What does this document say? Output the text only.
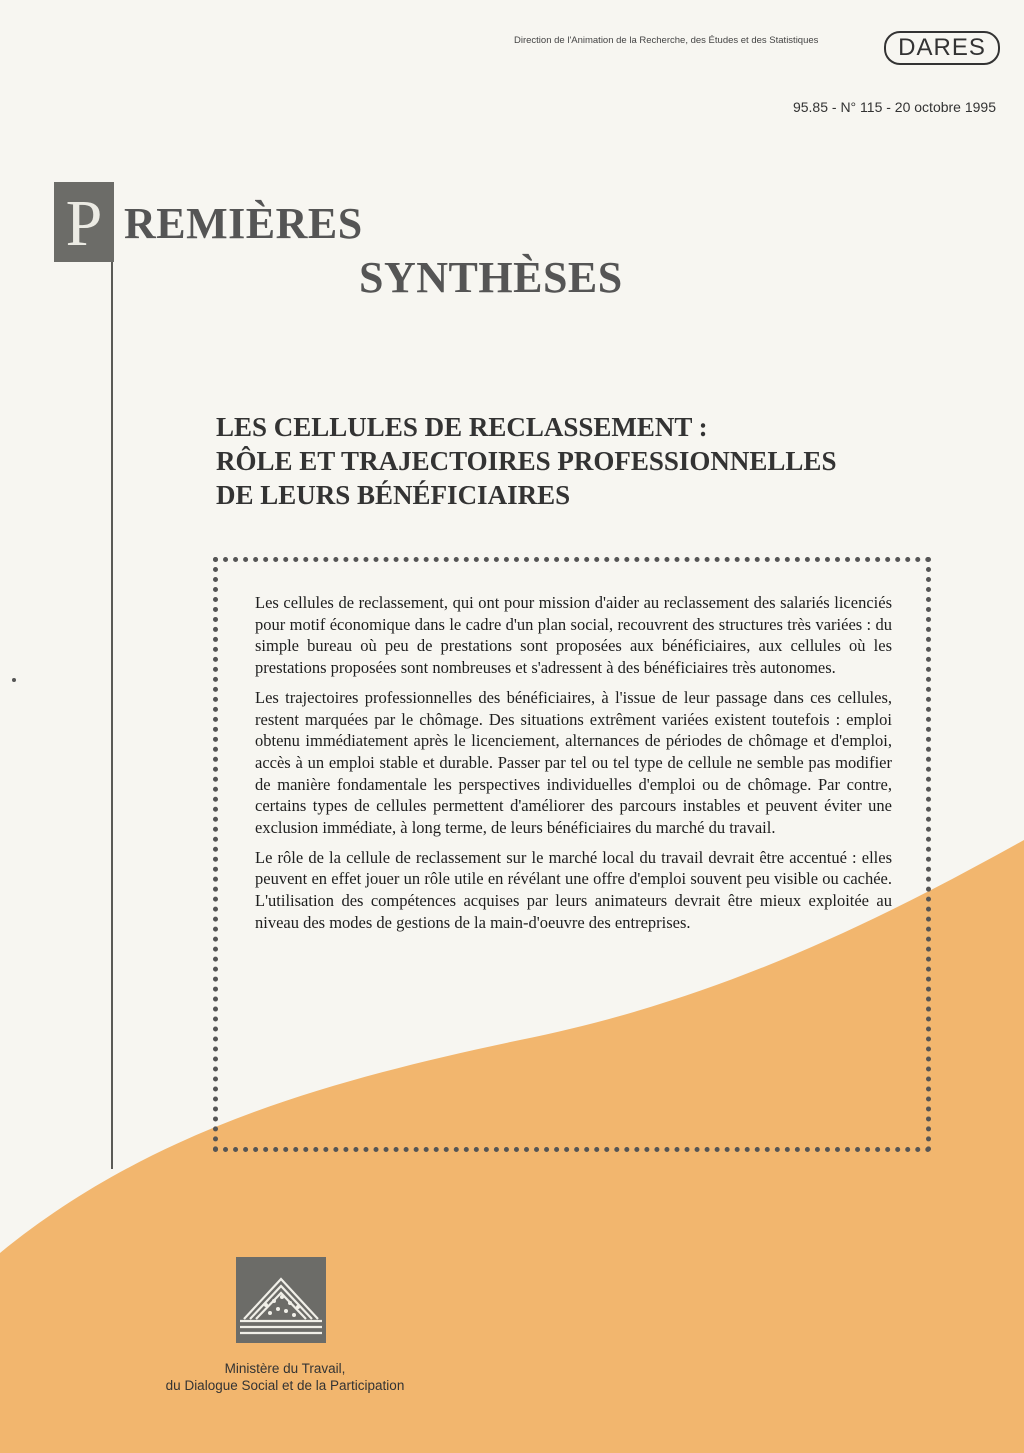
Direction de l'Animation de la Recherche, des Études et des Statistiques	DARES
95.85 - N° 115 - 20 octobre 1995
P REMIÈRES
SYNTHÈSES
LES CELLULES DE RECLASSEMENT :
RÔLE ET TRAJECTOIRES PROFESSIONNELLES
DE LEURS BÉNÉFICIAIRES

Les cellules de reclassement, qui ont pour mission d'aider au reclassement des salariés licenciés pour motif économique dans le cadre d'un plan social, recouvrent des structures très variées : du simple bureau où peu de prestations sont proposées aux bénéficiaires, aux cellules où les prestations proposées sont nombreuses et s'adressent à des bénéficiaires très autonomes.

Les trajectoires professionnelles des bénéficiaires, à l'issue de leur passage dans ces cellules, restent marquées par le chômage. Des situations extrêment variées existent toutefois : emploi obtenu immédiatement après le licenciement, alternances de périodes de chômage et d'emploi, accès à un emploi stable et durable. Passer par tel ou tel type de cellule ne semble pas modifier de manière fondamentale les perspectives individuelles d'emploi ou de chômage. Par contre, certains types de cellules permettent d'améliorer des parcours instables et peuvent éviter une exclusion immédiate, à long terme, de leurs bénéficiaires du marché du travail.

Le rôle de la cellule de reclassement sur le marché local du travail devrait être accentué : elles peuvent en effet jouer un rôle utile en révélant une offre d'emploi souvent peu visible ou cachée. L'utilisation des compétences acquises par leurs animateurs devrait être mieux exploitée au niveau des modes de gestions de la main-d'oeuvre des entreprises.

Ministère du Travail,
du Dialogue Social et de la Participation
